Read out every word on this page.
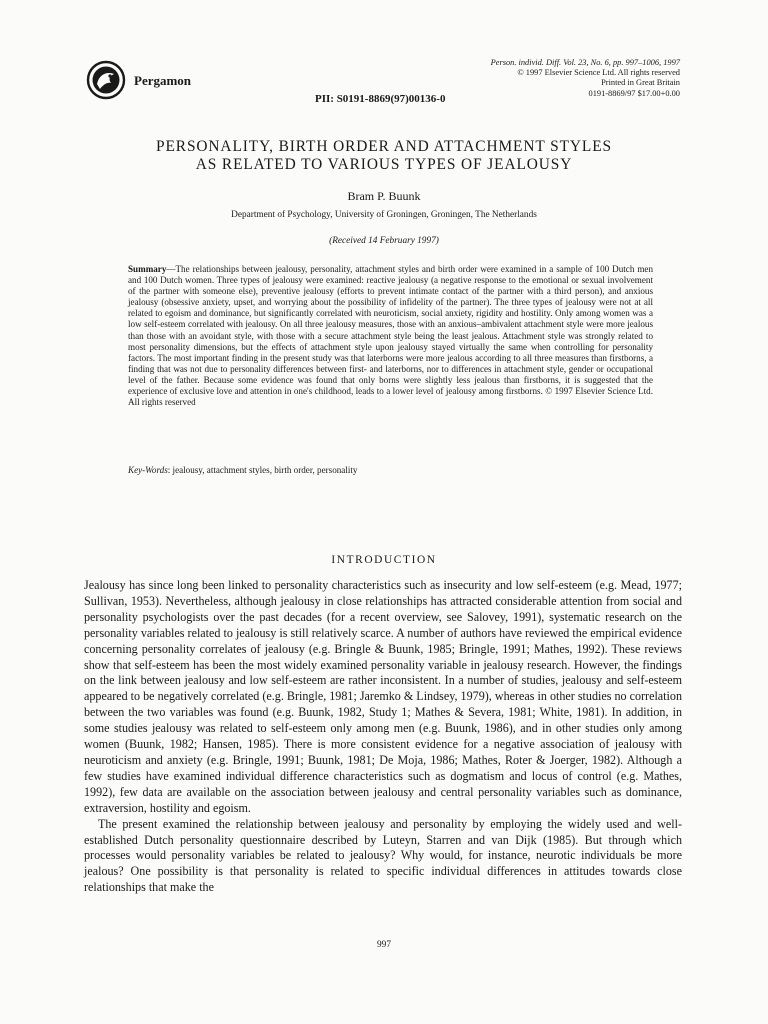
Pergamon
Person. individ. Diff. Vol. 23, No. 6, pp. 997–1006, 1997
© 1997 Elsevier Science Ltd. All rights reserved
Printed in Great Britain
0191-8869/97 $17.00+0.00
PII: S0191-8869(97)00136-0
PERSONALITY, BIRTH ORDER AND ATTACHMENT STYLES
AS RELATED TO VARIOUS TYPES OF JEALOUSY
Bram P. Buunk
Department of Psychology, University of Groningen, Groningen, The Netherlands
(Received 14 February 1997)
Summary—The relationships between jealousy, personality, attachment styles and birth order were examined in a sample of 100 Dutch men and 100 Dutch women. Three types of jealousy were examined: reactive jealousy (a negative response to the emotional or sexual involvement of the partner with someone else), preventive jealousy (efforts to prevent intimate contact of the partner with a third person), and anxious jealousy (obsessive anxiety, upset, and worrying about the possibility of infidelity of the partner). The three types of jealousy were not at all related to egoism and dominance, but significantly correlated with neuroticism, social anxiety, rigidity and hostility. Only among women was a low self-esteem correlated with jealousy. On all three jealousy measures, those with an anxious–ambivalent attachment style were more jealous than those with an avoidant style, with those with a secure attachment style being the least jealous. Attachment style was strongly related to most personality dimensions, but the effects of attachment style upon jealousy stayed virtually the same when controlling for personality factors. The most important finding in the present study was that laterborns were more jealous according to all three measures than firstborns, a finding that was not due to personality differences between first- and laterborns, nor to differences in attachment style, gender or occupational level of the father. Because some evidence was found that only borns were slightly less jealous than firstborns, it is suggested that the experience of exclusive love and attention in one's childhood, leads to a lower level of jealousy among firstborns. © 1997 Elsevier Science Ltd. All rights reserved
Key-Words: jealousy, attachment styles, birth order, personality
INTRODUCTION

Jealousy has since long been linked to personality characteristics such as insecurity and low self-esteem (e.g. Mead, 1977; Sullivan, 1953). Nevertheless, although jealousy in close relationships has attracted considerable attention from social and personality psychologists over the past decades (for a recent overview, see Salovey, 1991), systematic research on the personality variables related to jealousy is still relatively scarce. A number of authors have reviewed the empirical evidence concerning personality correlates of jealousy (e.g. Bringle & Buunk, 1985; Bringle, 1991; Mathes, 1992). These reviews show that self-esteem has been the most widely examined personality variable in jealousy research. However, the findings on the link between jealousy and low self-esteem are rather inconsistent. In a number of studies, jealousy and self-esteem appeared to be negatively correlated (e.g. Bringle, 1981; Jaremko & Lindsey, 1979), whereas in other studies no correlation between the two variables was found (e.g. Buunk, 1982, Study 1; Mathes & Severa, 1981; White, 1981). In addition, in some studies jealousy was related to self-esteem only among men (e.g. Buunk, 1986), and in other studies only among women (Buunk, 1982; Hansen, 1985). There is more consistent evidence for a negative association of jealousy with neuroticism and anxiety (e.g. Bringle, 1991; Buunk, 1981; De Moja, 1986; Mathes, Roter & Joerger, 1982). Although a few studies have examined individual difference characteristics such as dogmatism and locus of control (e.g. Mathes, 1992), few data are available on the association between jealousy and central personality variables such as dominance, extraversion, hostility and egoism.

The present examined the relationship between jealousy and personality by employing the widely used and well-established Dutch personality questionnaire described by Luteyn, Starren and van Dijk (1985). But through which processes would personality variables be related to jealousy? Why would, for instance, neurotic individuals be more jealous? One possibility is that personality is related to specific individual differences in attitudes towards close relationships that make the

997
